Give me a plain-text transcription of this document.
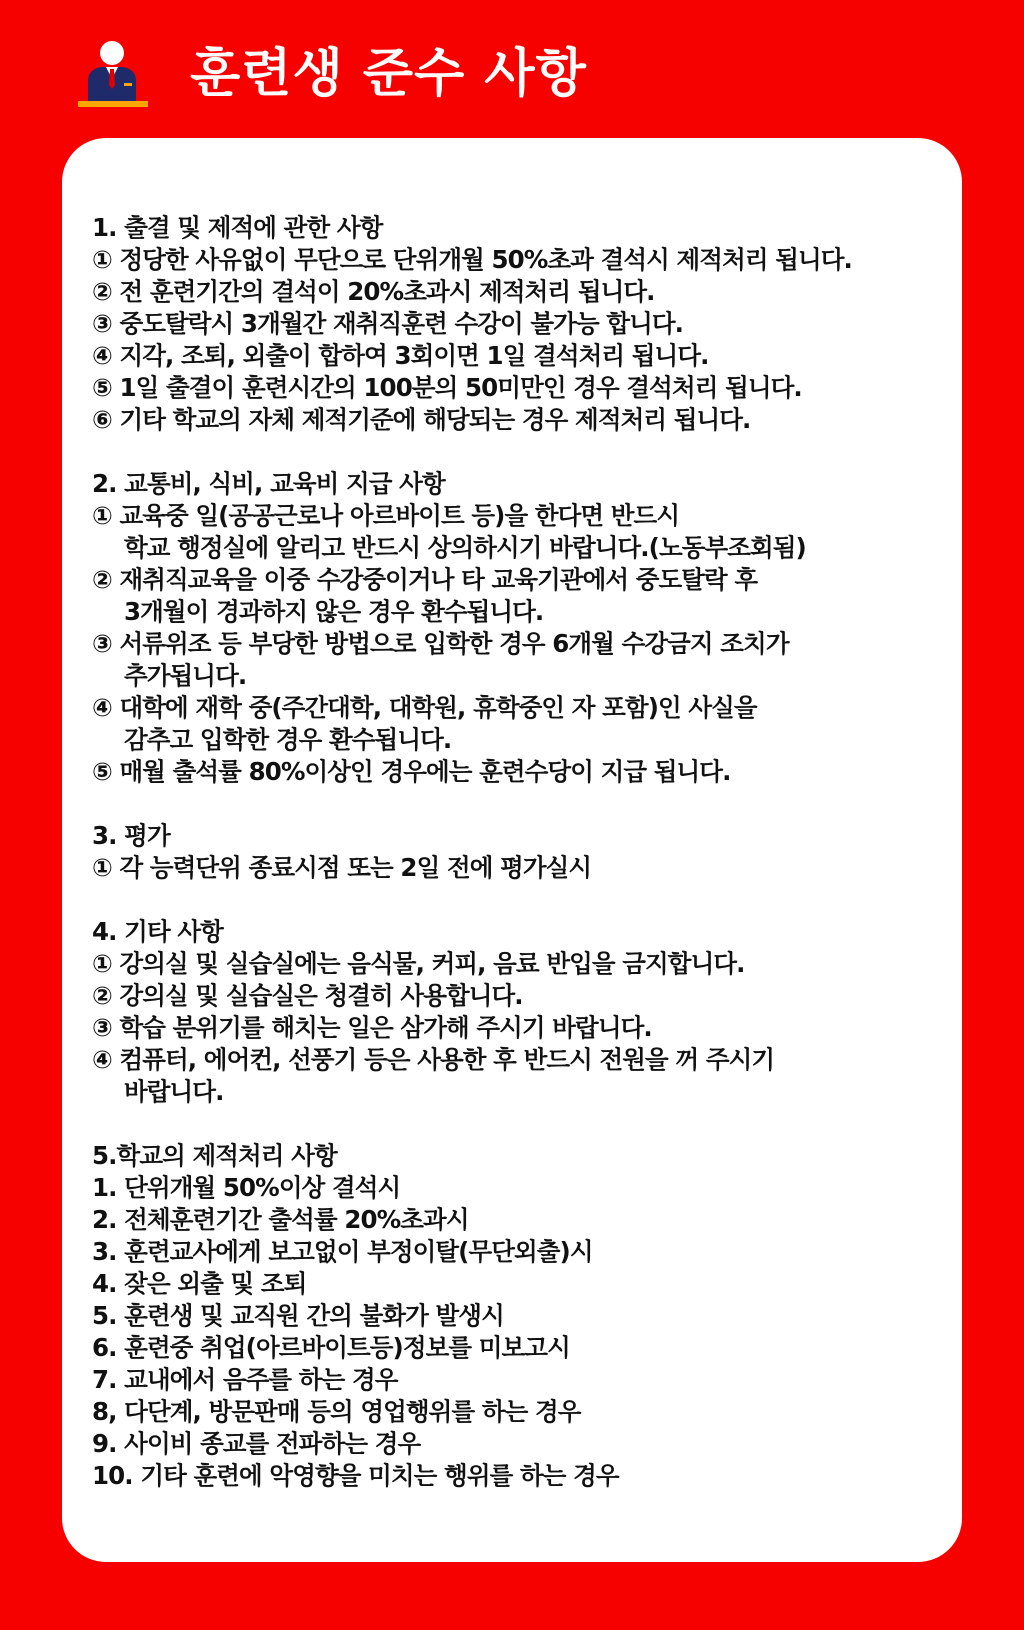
훈련생 준수 사항
1. 출결 및 제적에 관한 사항
① 정당한 사유없이 무단으로 단위개월 50%초과 결석시 제적처리 됩니다.
② 전 훈련기간의 결석이 20%초과시 제적처리 됩니다.
③ 중도탈락시 3개월간 재취직훈련 수강이 불가능 합니다.
④ 지각, 조퇴, 외출이 합하여 3회이면 1일 결석처리 됩니다.
⑤ 1일 출결이 훈련시간의 100분의 50미만인 경우 결석처리 됩니다.
⑥ 기타 학교의 자체 제적기준에 해당되는 경우 제적처리 됩니다.
2. 교통비, 식비, 교육비 지급 사항
① 교육중 일(공공근로나 아르바이트 등)을 한다면 반드시
학교 행정실에 알리고 반드시 상의하시기 바랍니다.(노동부조회됨)
② 재취직교육을 이중 수강중이거나 타 교육기관에서 중도탈락 후
3개월이 경과하지 않은 경우 환수됩니다.
③ 서류위조 등 부당한 방법으로 입학한 경우 6개월 수강금지 조치가
추가됩니다.
④ 대학에 재학 중(주간대학, 대학원, 휴학중인 자 포함)인 사실을
감추고 입학한 경우 환수됩니다.
⑤ 매월 출석률 80%이상인 경우에는 훈련수당이 지급 됩니다.
3. 평가
① 각 능력단위 종료시점 또는 2일 전에 평가실시
4. 기타 사항
① 강의실 및 실습실에는 음식물, 커피, 음료 반입을 금지합니다.
② 강의실 및 실습실은 청결히 사용합니다.
③ 학습 분위기를 해치는 일은 삼가해 주시기 바랍니다.
④ 컴퓨터, 에어컨, 선풍기 등은 사용한 후 반드시 전원을 꺼 주시기
바랍니다.
5.학교의 제적처리 사항
1. 단위개월 50%이상 결석시
2. 전체훈련기간 출석률 20%초과시
3. 훈련교사에게 보고없이 부정이탈(무단외출)시
4. 잦은 외출 및 조퇴
5. 훈련생 및 교직원 간의 불화가 발생시
6. 훈련중 취업(아르바이트등)정보를 미보고시
7. 교내에서 음주를 하는 경우
8, 다단계, 방문판매 등의 영업행위를 하는 경우
9. 사이비 종교를 전파하는 경우
10. 기타 훈련에 악영향을 미치는 행위를 하는 경우
